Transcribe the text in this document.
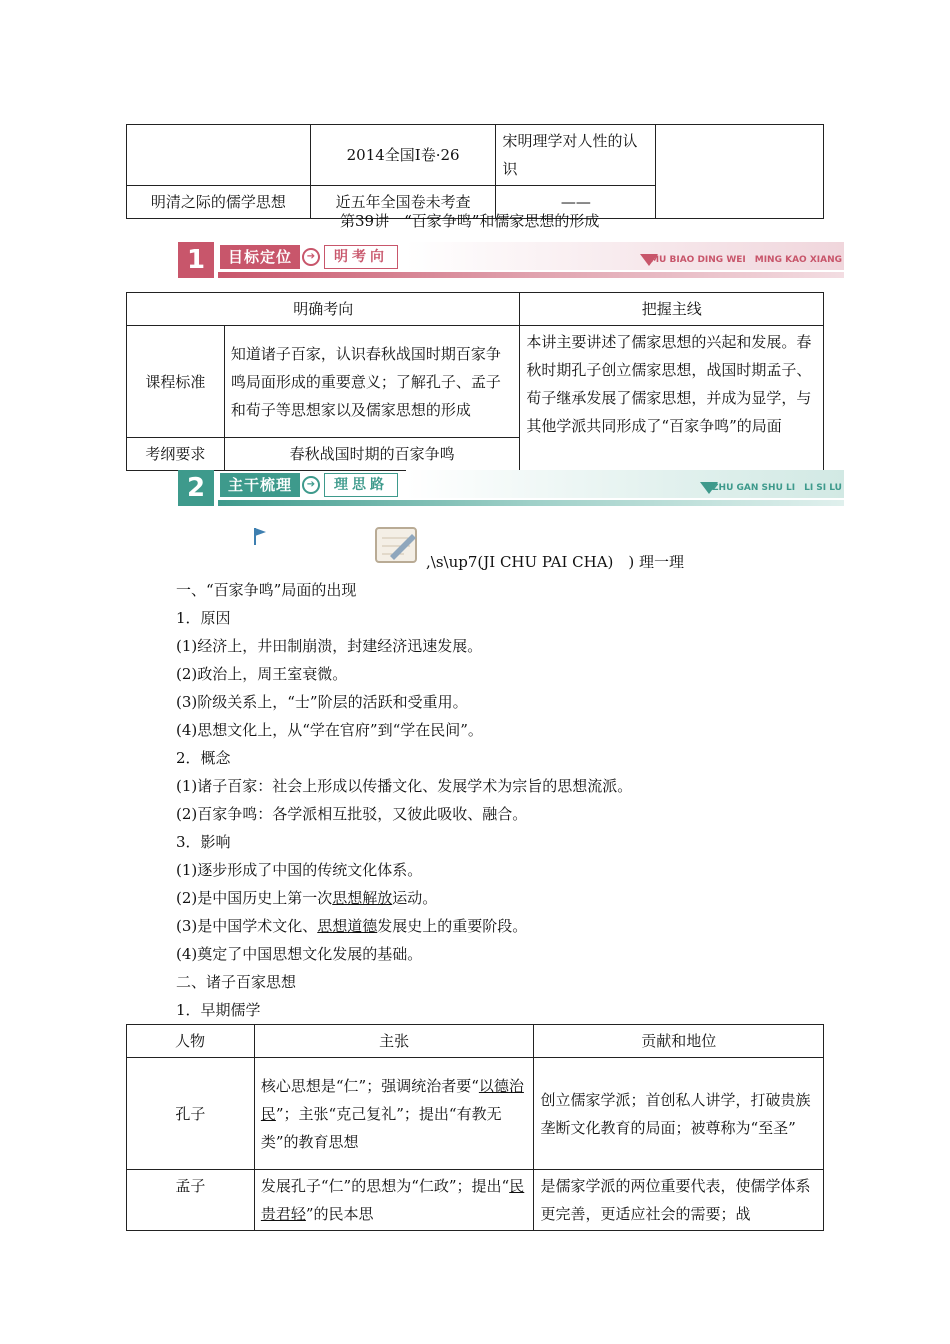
	2014全国Ⅰ卷·26	宋明理学对人性的认识	
明清之际的儒学思想	近五年全国卷未考查	——	
第39讲　“百家争鸣”和儒家思想的形成
1	目标定位	➔	明考向	MU BIAO DING WEI　MING KAO XIANG
明确考向		把握主线
课程标准	知道诸子百家，认识春秋战国时期百家争鸣局面形成的重要意义；了解孔子、孟子和荀子等思想家以及儒家思想的形成	本讲主要讲述了儒家思想的兴起和发展。春秋时期孔子创立儒家思想，战国时期孟子、荀子继承发展了儒家思想，并成为显学，与其他学派共同形成了“百家争鸣”的局面
考纲要求	春秋战国时期的百家争鸣	
2	主干梳理	➔	理思路	ZHU GAN SHU LI　LI SI LU
,\s\up7(JI CHU PAI CHA)　) 理一理
一、“百家争鸣”局面的出现
1．原因
(1)经济上，井田制崩溃，封建经济迅速发展。
(2)政治上，周王室衰微。
(3)阶级关系上，“士”阶层的活跃和受重用。
(4)思想文化上，从“学在官府”到“学在民间”。
2．概念
(1)诸子百家：社会上形成以传播文化、发展学术为宗旨的思想流派。
(2)百家争鸣：各学派相互批驳，又彼此吸收、融合。
3．影响
(1)逐步形成了中国的传统文化体系。
(2)是中国历史上第一次思想解放运动。
(3)是中国学术文化、思想道德发展史上的重要阶段。
(4)奠定了中国思想文化发展的基础。
二、诸子百家思想
1．早期儒学
人物	主张	贡献和地位
孔子	核心思想是“仁”；强调统治者要“以德治民”；主张“克己复礼”；提出“有教无类”的教育思想	创立儒家学派；首创私人讲学，打破贵族垄断文化教育的局面；被尊称为“至圣”
孟子	发展孔子“仁”的思想为“仁政”；提出“民贵君轻”的民本思	是儒家学派的两位重要代表，使儒学体系更完善，更适应社会的需要；战
